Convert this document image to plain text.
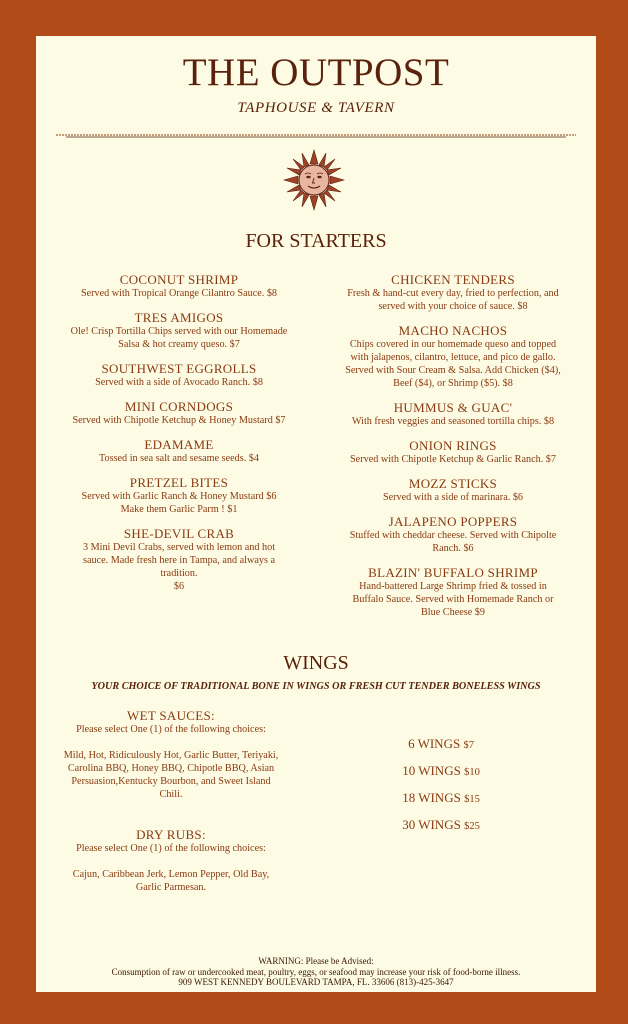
THE OUTPOST
TAPHOUSE & TAVERN
FOR STARTERS
COCONUT SHRIMP
Served with Tropical Orange Cilantro Sauce. $8
TRES AMIGOS
Ole! Crisp Tortilla Chips served with our Homemade
Salsa & hot creamy queso. $7
SOUTHWEST EGGROLLS
Served with a side of Avocado Ranch. $8
MINI CORNDOGS
Served with Chipotle Ketchup & Honey Mustard $7
EDAMAME
Tossed in sea salt and sesame seeds. $4
PRETZEL BITES
Served with Garlic Ranch & Honey Mustard $6
Make them Garlic Parm ! $1
SHE-DEVIL CRAB
3 Mini Devil Crabs, served with lemon and hot
sauce. Made fresh here in Tampa, and always a
tradition.
$6
CHICKEN TENDERS
Fresh & hand-cut every day, fried to perfection, and
served with your choice of sauce. $8
MACHO NACHOS
Chips covered in our homemade queso and topped
with jalapenos, cilantro, lettuce, and pico de gallo.
Served with Sour Cream & Salsa. Add Chicken ($4),
Beef ($4), or Shrimp ($5). $8
HUMMUS & GUAC'
With fresh veggies and seasoned tortilla chips. $8
ONION RINGS
Served with Chipotle Ketchup & Garlic Ranch. $7
MOZZ STICKS
Served with a side of marinara. $6
JALAPENO POPPERS
Stuffed with cheddar cheese. Served with Chipolte
Ranch. $6
BLAZIN' BUFFALO SHRIMP
Hand-battered Large Shrimp fried & tossed in
Buffalo Sauce. Served with Homemade Ranch or
Blue Cheese $9
WINGS
YOUR CHOICE OF TRADITIONAL BONE IN WINGS OR FRESH CUT TENDER BONELESS WINGS
WET SAUCES:
Please select One (1) of the following choices:
Mild, Hot, Ridiculously Hot, Garlic Butter, Teriyaki,
Carolina BBQ, Honey BBQ, Chipotle BBQ, Asian
Persuasion,Kentucky Bourbon, and Sweet Island
Chili.
DRY RUBS:
Please select One (1) of the following choices:
Cajun, Caribbean Jerk, Lemon Pepper, Old Bay,
Garlic Parmesan.
6 WINGS $7
10 WINGS $10
18 WINGS $15
30 WINGS $25
WARNING: Please be Advised:
Consumption of raw or undercooked meat, poultry, eggs, or seafood may increase your risk of food-borne illness.
909 WEST KENNEDY BOULEVARD TAMPA, FL. 33606 (813)-425-3647
